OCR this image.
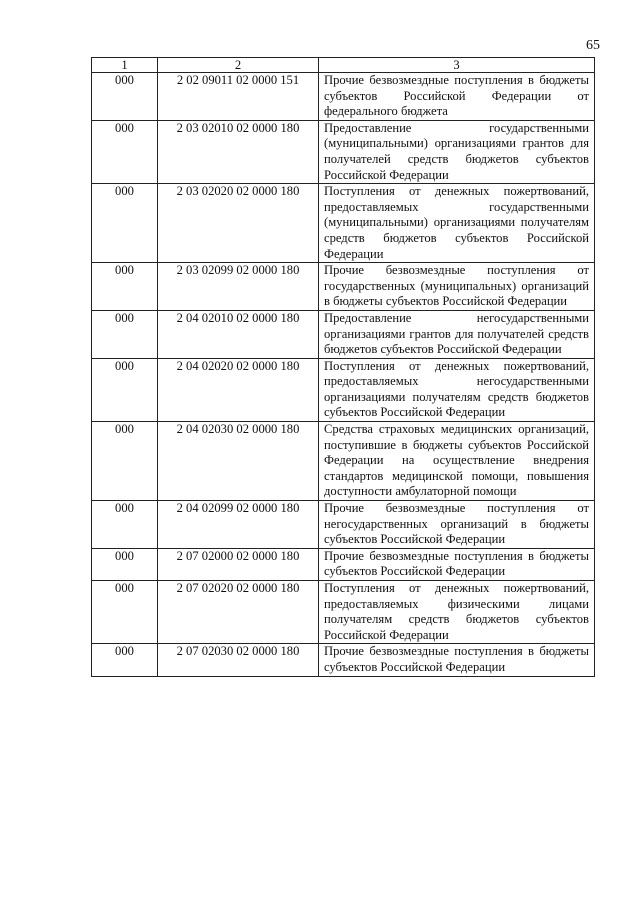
65
1	2	3
000	2 02 09011 02 0000 151	Прочие безвозмездные поступления в бюджеты субъектов Российской Федерации от федерального бюджета
000	2 03 02010 02 0000 180	Предоставление государственными (муниципальными) организациями грантов для получателей средств бюджетов субъектов Российской Федерации
000	2 03 02020 02 0000 180	Поступления от денежных пожертвований, предоставляемых государственными (муниципальными) организациями получателям средств бюджетов субъектов Российской Федерации
000	2 03 02099 02 0000 180	Прочие безвозмездные поступления от государственных (муниципальных) организаций в бюджеты субъектов Российской Федерации
000	2 04 02010 02 0000 180	Предоставление негосударственными организациями грантов для получателей средств бюджетов субъектов Российской Федерации
000	2 04 02020 02 0000 180	Поступления от денежных пожертвований, предоставляемых негосударственными организациями получателям средств бюджетов субъектов Российской Федерации
000	2 04 02030 02 0000 180	Средства страховых медицинских организаций, поступившие в бюджеты субъектов Российской Федерации на осуществление внедрения стандартов медицинской помощи, повышения доступности амбулаторной помощи
000	2 04 02099 02 0000 180	Прочие безвозмездные поступления от негосударственных организаций в бюджеты субъектов Российской Федерации
000	2 07 02000 02 0000 180	Прочие безвозмездные поступления в бюджеты субъектов Российской Федерации
000	2 07 02020 02 0000 180	Поступления от денежных пожертвований, предоставляемых физическими лицами получателям средств бюджетов субъектов Российской Федерации
000	2 07 02030 02 0000 180	Прочие безвозмездные поступления в бюджеты субъектов Российской Федерации
